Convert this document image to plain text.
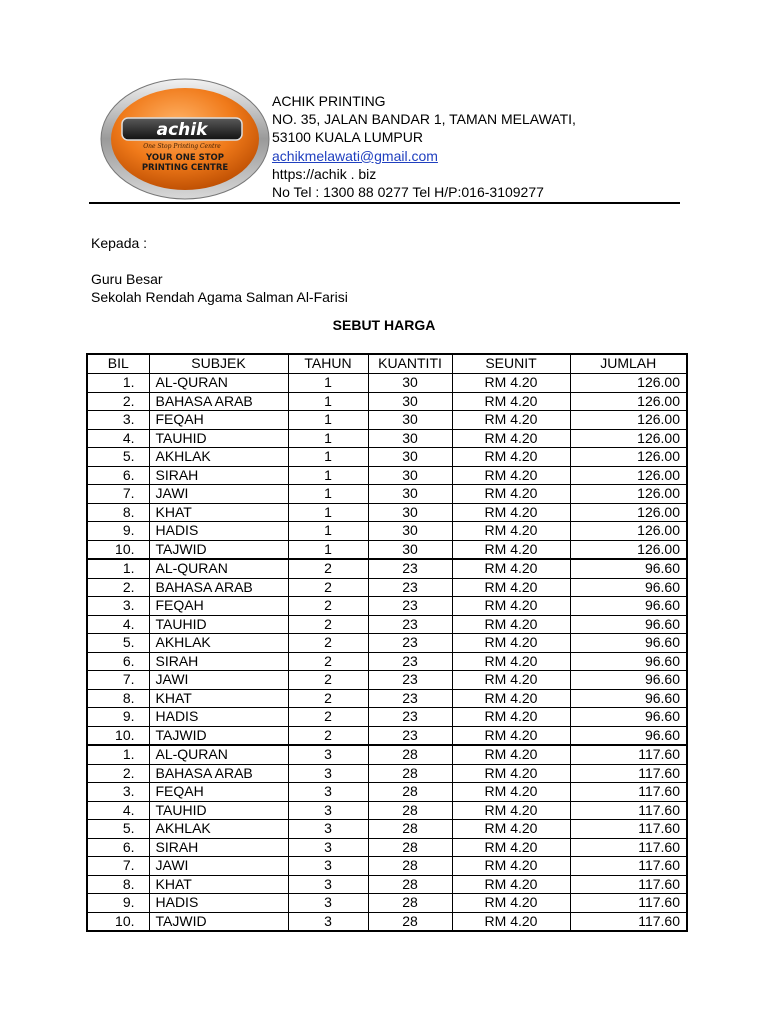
achik
One Stop Printing Centre
YOUR ONE STOP
PRINTING CENTRE
ACHIK PRINTING
NO. 35, JALAN BANDAR 1, TAMAN MELAWATI,
53100 KUALA LUMPUR
achikmelawati@gmail.com
https://achik . biz
No Tel : 1300 88 0277 Tel H/P:016-3109277
Kepada :
Guru Besar
Sekolah Rendah Agama Salman Al-Farisi
SEBUT HARGA
BIL	SUBJEK	TAHUN	KUANTITI	SEUNIT	JUMLAH
1.	AL-QURAN	1	30	RM 4.20	126.00
2.	BAHASA ARAB	1	30	RM 4.20	126.00
3.	FEQAH	1	30	RM 4.20	126.00
4.	TAUHID	1	30	RM 4.20	126.00
5.	AKHLAK	1	30	RM 4.20	126.00
6.	SIRAH	1	30	RM 4.20	126.00
7.	JAWI	1	30	RM 4.20	126.00
8.	KHAT	1	30	RM 4.20	126.00
9.	HADIS	1	30	RM 4.20	126.00
10.	TAJWID	1	30	RM 4.20	126.00
1.	AL-QURAN	2	23	RM 4.20	96.60
2.	BAHASA ARAB	2	23	RM 4.20	96.60
3.	FEQAH	2	23	RM 4.20	96.60
4.	TAUHID	2	23	RM 4.20	96.60
5.	AKHLAK	2	23	RM 4.20	96.60
6.	SIRAH	2	23	RM 4.20	96.60
7.	JAWI	2	23	RM 4.20	96.60
8.	KHAT	2	23	RM 4.20	96.60
9.	HADIS	2	23	RM 4.20	96.60
10.	TAJWID	2	23	RM 4.20	96.60
1.	AL-QURAN	3	28	RM 4.20	117.60
2.	BAHASA ARAB	3	28	RM 4.20	117.60
3.	FEQAH	3	28	RM 4.20	117.60
4.	TAUHID	3	28	RM 4.20	117.60
5.	AKHLAK	3	28	RM 4.20	117.60
6.	SIRAH	3	28	RM 4.20	117.60
7.	JAWI	3	28	RM 4.20	117.60
8.	KHAT	3	28	RM 4.20	117.60
9.	HADIS	3	28	RM 4.20	117.60
10.	TAJWID	3	28	RM 4.20	117.60
